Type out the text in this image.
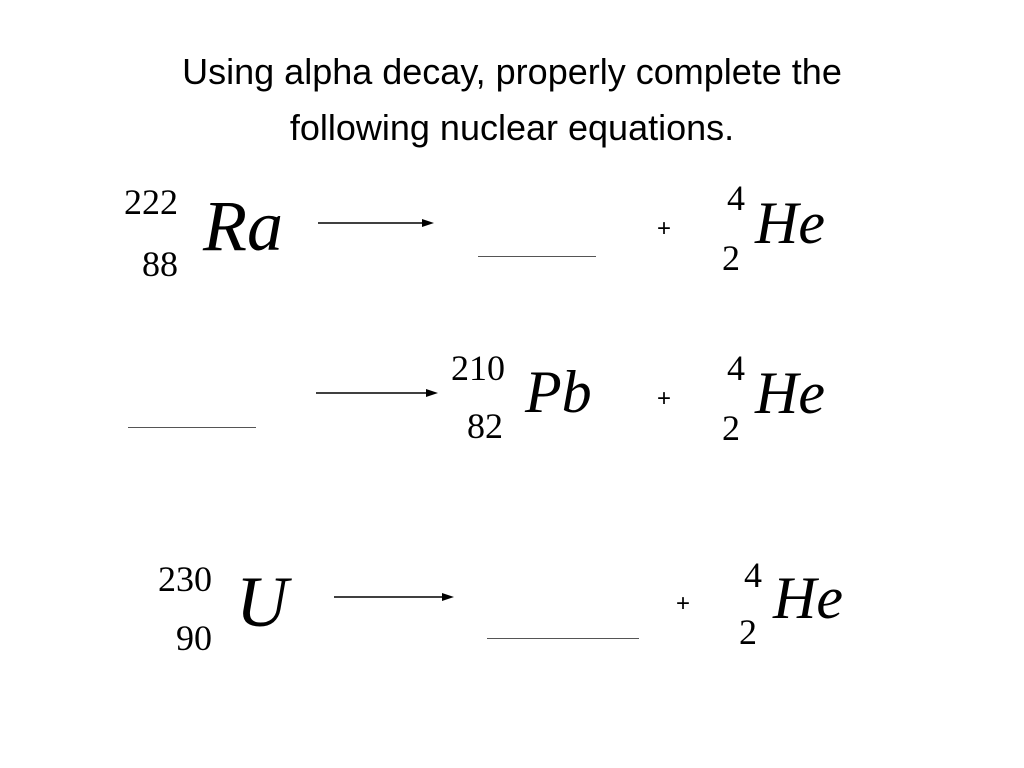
Using alpha decay, properly complete the
following nuclear equations.
222
88 Ra	+
4
2
He
210
82
Pb	+
4
2
He
230
90 U	+
4
2
He
